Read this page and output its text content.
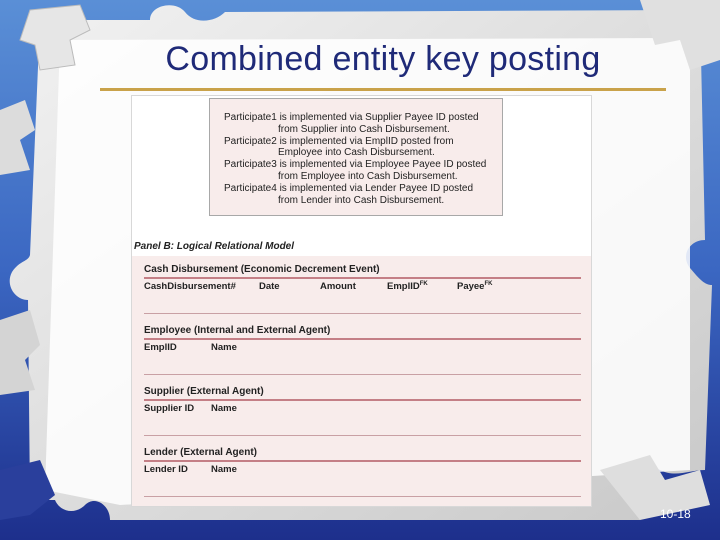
Combined entity key posting
Participate1 is implemented via Supplier Payee ID posted
from Supplier into Cash Disbursement.
Participate2 is implemented via EmplID posted from
Employee into Cash Disbursement.
Participate3 is implemented via Employee Payee ID posted
from Employee into Cash Disbursement.
Participate4 is implemented via Lender Payee ID posted
from Lender into Cash Disbursement.
Panel B: Logical Relational Model
Cash Disbursement (Economic Decrement Event)
CashDisbursement# Date	Amount	EmplID$^{FK}$	Payee$^{FK}$
Employee (Internal and External Agent)
EmplID	Name
Supplier (External Agent)
Supplier ID Name
Lender (External Agent)
Lender ID Name
10-18
